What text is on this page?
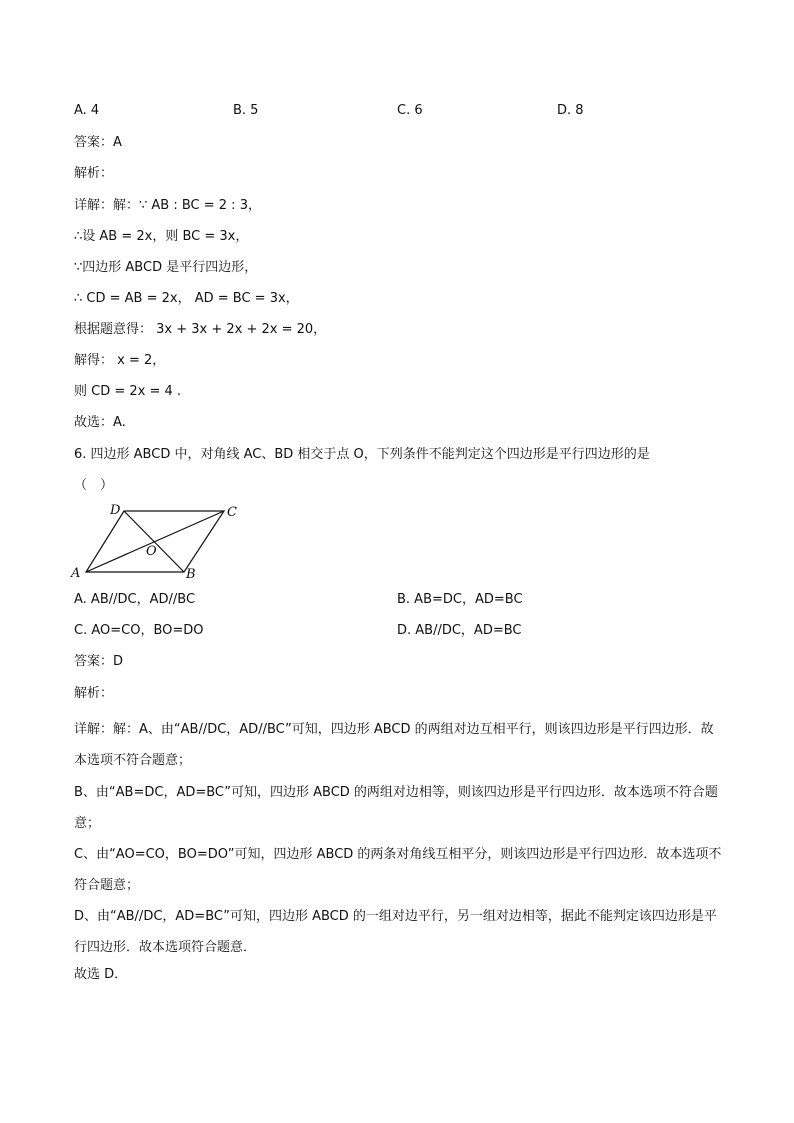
A. 4	B. 5	C. 6	D. 8
答案：A
解析：
详解：解：∵ AB : BC = 2 : 3，
∴设 AB = 2x，则 BC = 3x，
∵四边形 ABCD 是平行四边形，
∴ CD = AB = 2x， AD = BC = 3x，
根据题意得： 3x + 3x + 2x + 2x = 20，
解得： x = 2，
则 CD = 2x = 4 .
故选：A.
6. 四边形 ABCD 中，对角线 AC、BD 相交于点 O，下列条件不能判定这个四边形是平行四边形的是
（　）
A	B
C
D
O
A. AB//DC，AD//BC	B. AB=DC，AD=BC
C. AO=CO，BO=DO	D. AB//DC，AD=BC
答案：D
解析：
详解：解：A、由“AB//DC，AD//BC”可知，四边形 ABCD 的两组对边互相平行，则该四边形是平行四边形．故本选项不符合题意；
B、由“AB=DC，AD=BC”可知，四边形 ABCD 的两组对边相等，则该四边形是平行四边形．故本选项不符合题意；
C、由“AO=CO，BO=DO”可知，四边形 ABCD 的两条对角线互相平分，则该四边形是平行四边形．故本选项不符合题意；
D、由“AB//DC，AD=BC”可知，四边形 ABCD 的一组对边平行，另一组对边相等，据此不能判定该四边形是平行四边形．故本选项符合题意．
故选 D．
